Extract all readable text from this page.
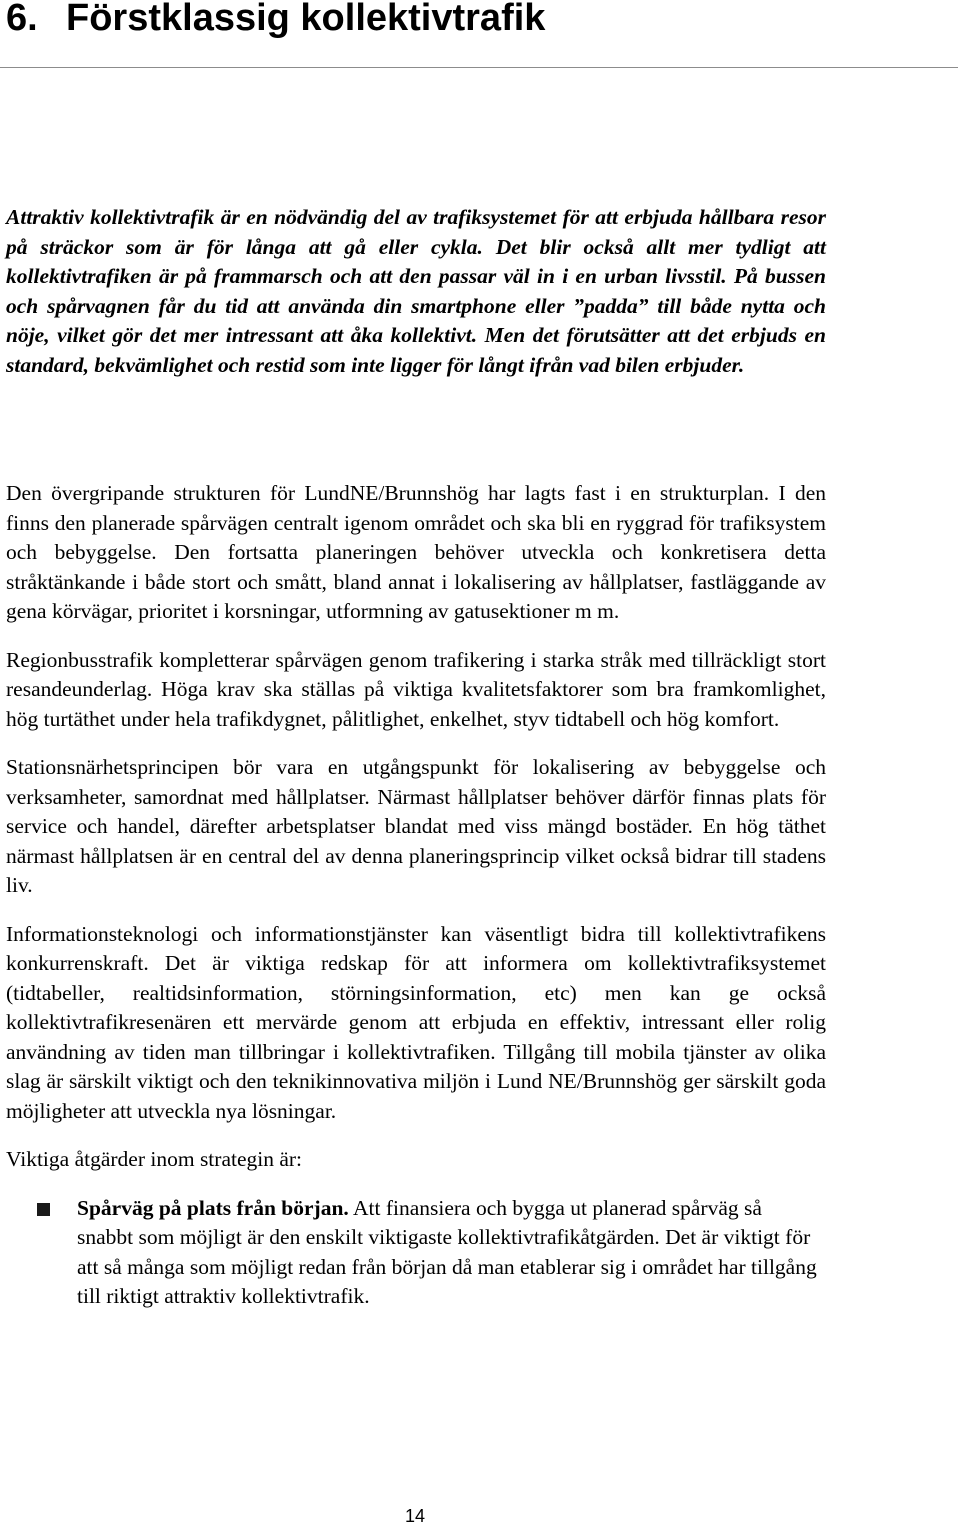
6. Förstklassig kollektivtrafik

Attraktiv kollektivtrafik är en nödvändig del av trafiksystemet för att erbjuda hållbara resor på sträckor som är för långa att gå eller cykla. Det blir också allt mer tydligt att kollektivtrafiken är på frammarsch och att den passar väl in i en urban livsstil. På bussen och spårvagnen får du tid att använda din smartphone eller ”padda” till både nytta och nöje, vilket gör det mer intressant att åka kollektivt. Men det förutsätter att det erbjuds en standard, bekvämlighet och restid som inte ligger för långt ifrån vad bilen erbjuder.

Den övergripande strukturen för LundNE/Brunnshög har lagts fast i en strukturplan. I den finns den planerade spårvägen centralt igenom området och ska bli en ryggrad för trafiksystem och bebyggelse. Den fortsatta planeringen behöver utveckla och konkretisera detta stråktänkande i både stort och smått, bland annat i lokalisering av hållplatser, fastläggande av gena körvägar, prioritet i korsningar, utformning av gatusektioner m m.

Regionbusstrafik kompletterar spårvägen genom trafikering i starka stråk med tillräckligt stort resandeunderlag. Höga krav ska ställas på viktiga kvalitetsfaktorer som bra framkomlighet, hög turtäthet under hela trafikdygnet, pålitlighet, enkelhet, styv tidtabell och hög komfort.

Stationsnärhetsprincipen bör vara en utgångspunkt för lokalisering av bebyggelse och verksamheter, samordnat med hållplatser. Närmast hållplatser behöver därför finnas plats för service och handel, därefter arbetsplatser blandat med viss mängd bostäder. En hög täthet närmast hållplatsen är en central del av denna planeringsprincip vilket också bidrar till stadens liv.

Informationsteknologi och informationstjänster kan väsentligt bidra till kollektivtrafikens konkurrenskraft. Det är viktiga redskap för att informera om kollektivtrafiksystemet (tidtabeller, realtidsinformation, störningsinformation, etc) men kan ge också kollektivtrafikresenären ett mervärde genom att erbjuda en effektiv, intressant eller rolig användning av tiden man tillbringar i kollektivtrafiken. Tillgång till mobila tjänster av olika slag är särskilt viktigt och den teknikinnovativa miljön i Lund NE/Brunnshög ger särskilt goda möjligheter att utveckla nya lösningar.

Viktiga åtgärder inom strategin är:

Spårväg på plats från början. Att finansiera och bygga ut planerad spårväg så snabbt som möjligt är den enskilt viktigaste kollektivtrafikåtgärden. Det är viktigt för att så många som möjligt redan från början då man etablerar sig i området har tillgång till riktigt attraktiv kollektivtrafik.
14
